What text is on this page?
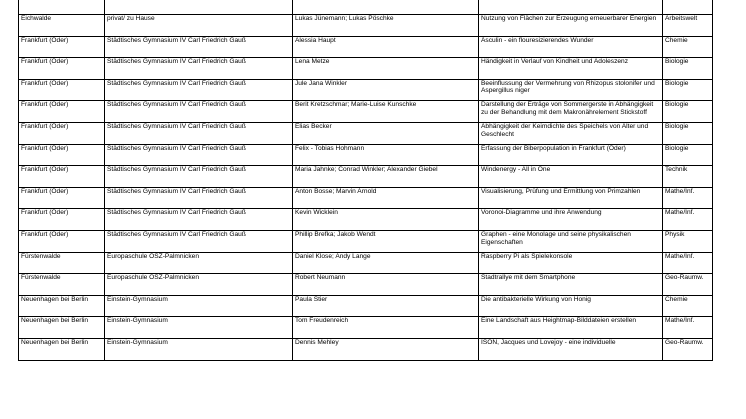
Eichwalde	privat/ zu Hause	Lukas Jünemann; Lukas Pöschke	Nutzung von Flächen zur Erzeugung erneuerbarer Energien	Arbeitswelt
Frankfurt (Oder)	Städtisches Gymnasium IV Carl Friedrich Gauß	Alessia Haupt	Äsculin - ein flouresizierendes Wunder	Chemie
Frankfurt (Oder)	Städtisches Gymnasium IV Carl Friedrich Gauß	Lena Metze	Händigkeit in Verlauf von Kindheit und Adoleszenz	Biologie
Frankfurt (Oder)	Städtisches Gymnasium IV Carl Friedrich Gauß	Jule Jana Winkler	Beeinflussung der Vermehrung von Rhizopus stolonifer und Aspergillus niger	Biologie
Frankfurt (Oder)	Städtisches Gymnasium IV Carl Friedrich Gauß	Berit Kretzschmar; Marie-Luise Kunschke	Darstellung der Erträge von Sommergerste in Abhängigkeit zu der Behandlung mit dem Makronährelement Stickstoff	Biologie
Frankfurt (Oder)	Städtisches Gymnasium IV Carl Friedrich Gauß	Elias Becker	Abhängigkeit der Keimdichte des Speichels von Alter und Geschlecht	Biologie
Frankfurt (Oder)	Städtisches Gymnasium IV Carl Friedrich Gauß	Felix - Tobias Hohmann	Erfassung der Biberpopulation in Frankfurt (Oder)	Biologie
Frankfurt (Oder)	Städtisches Gymnasium IV Carl Friedrich Gauß	Maria Jahnke; Conrad Winkler; Alexander Giebel	Windenergy - All in One	Technik
Frankfurt (Oder)	Städtisches Gymnasium IV Carl Friedrich Gauß	Anton Bosse; Marvin Arnold	Visualisierung, Prüfung und Ermittlung von Primzahlen	Mathe/Inf.
Frankfurt (Oder)	Städtisches Gymnasium IV Carl Friedrich Gauß	Kevin Wicklein	Voronoi-Diagramme und ihre Anwendung	Mathe/Inf.
Frankfurt (Oder)	Städtisches Gymnasium IV Carl Friedrich Gauß	Phillip Brefka; Jakob Wendt	Graphen - eine Monolage und seine physikalischen Eigenschaften	Physik
Fürstenwalde	Europaschule OSZ-Palmnicken	Daniel Klose; Andy Lange	Raspberry Pi als Spielekonsole	Mathe/Inf.
Fürstenwalde	Europaschule OSZ-Palmnicken	Robert Neumann	Stadtrallye mit dem Smartphone	Geo-Raumw.
Neuenhagen bei Berlin	Einstein-Gymnasium	Paula Stier	Die antibakterielle Wirkung von Honig	Chemie
Neuenhagen bei Berlin	Einstein-Gymnasium	Tom Freudenreich	Eine Landschaft aus Heightmap-Bilddateien erstellen	Mathe/Inf.
Neuenhagen bei Berlin	Einstein-Gymnasium	Dennis Mehley	ISON, Jacques und Lovejoy - eine individuelle	Geo-Raumw.
